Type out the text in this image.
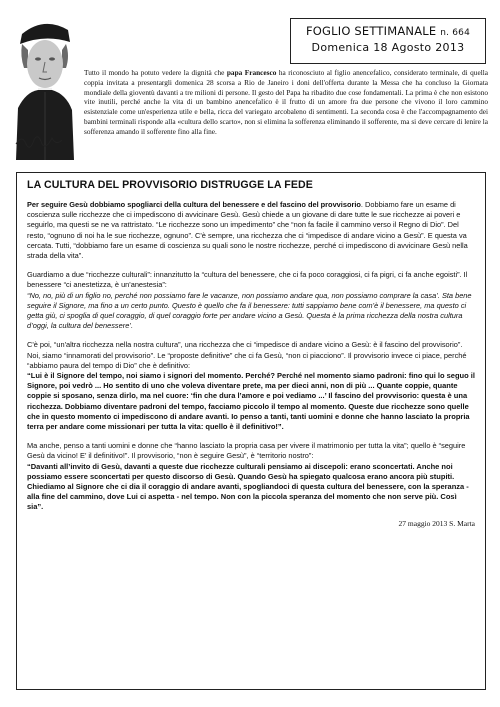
FOGLIO SETTIMANALE n. 664
Domenica 18 Agosto 2013
Tutto il mondo ha potuto vedere la dignità che papa Francesco ha riconosciuto al figlio anencefalico, considerato terminale, di quella coppia invitata a presentargli domenica 28 scorsa a Rio de Janeiro i doni dell'offerta durante la Messa che ha concluso la Giornata mondiale della gioventù davanti a tre milioni di persone. Il gesto del Papa ha ribadito due cose fondamentali. La prima è che non esistono vite inutili, perché anche la vita di un bambino anencefalico è il frutto di un amore fra due persone che vivono il loro cammino esistenziale come un'esperienza utile e bella, ricca del variegato arcobaleno di sentimenti. La seconda cosa è che l'accompagnamento dei bambini terminali risponde alla «cultura dello scarto», non si elimina la sofferenza eliminando il sofferente, ma si deve cercare di lenire la sofferenza amando il sofferente fino alla fine.
LA CULTURA DEL PROVVISORIO DISTRUGGE LA FEDE
Per seguire Gesù dobbiamo spogliarci della cultura del benessere e del fascino del provvisorio. Dobbiamo fare un esame di coscienza sulle ricchezze che ci impediscono di avvicinare Gesù. Gesù chiede a un giovane di dare tutte le sue ricchezze ai poveri e seguirlo, ma questi se ne va rattristato. “Le ricchezze sono un impedimento” che “non fa facile il cammino verso il Regno di Dio”. Del resto, “ognuno di noi ha le sue ricchezze, ognuno”. C'è sempre, una ricchezza che ci “impedisce di andare vicino a Gesù”. E questa va cercata. Tutti, “dobbiamo fare un esame di coscienza su quali sono le nostre ricchezze, perché ci impediscono di avvicinare Gesù nella strada della vita”.
Guardiamo a due “ricchezze culturali”: innanzitutto la “cultura del benessere, che ci fa poco coraggiosi, ci fa pigri, ci fa anche egoisti”. Il benessere “ci anestetizza, è un'anestesia”:
“No, no, più di un figlio no, perché non possiamo fare le vacanze, non possiamo andare qua, non possiamo comprare la casa’. Sta bene seguire il Signore, ma fino a un certo punto. Questo è quello che fa il benessere: tutti sappiamo bene com’è il benessere, ma questo ci getta giù, ci spoglia di quel coraggio, di quel coraggio forte per andare vicino a Gesù. Questa è la prima ricchezza della nostra cultura d’oggi, la cultura del benessere’.
C'è poi, “un'altra ricchezza nella nostra cultura”, una ricchezza che ci “impedisce di andare vicino a Gesù: è il fascino del provvisorio”. Noi, siamo “innamorati del provvisorio”. Le “proposte definitive” che ci fa Gesù, “non ci piacciono”. Il provvisorio invece ci piace, perché “abbiamo paura del tempo di Dio” che è definitivo:
“Lui è il Signore del tempo, noi siamo i signori del momento. Perché? Perché nel momento siamo padroni: fino qui lo seguo il Signore, poi vedrò ... Ho sentito di uno che voleva diventare prete, ma per dieci anni, non di più ... Quante coppie, quante coppie si sposano, senza dirlo, ma nel cuore: ‘fin che dura l’amore e poi vediamo ...’ Il fascino del provvisorio: questa è una ricchezza. Dobbiamo diventare padroni del tempo, facciamo piccolo il tempo al momento. Queste due ricchezze sono quelle che in questo momento ci impediscono di andare avanti. Io penso a tanti, tanti uomini e donne che hanno lasciato la propria terra per andare come missionari per tutta la vita: quello è il definitivo!”.
Ma anche, penso a tanti uomini e donne che “hanno lasciato la propria casa per vivere il matrimonio per tutta la vita”; quello è “seguire Gesù da vicino! E’ il definitivo!”. Il provvisorio, “non è seguire Gesù”, è “territorio nostro”:
“Davanti all’invito di Gesù, davanti a queste due ricchezze culturali pensiamo ai discepoli: erano sconcertati. Anche noi possiamo essere sconcertati per questo discorso di Gesù. Quando Gesù ha spiegato qualcosa erano ancora più stupiti. Chiediamo al Signore che ci dia il coraggio di andare avanti, spogliandoci di questa cultura del benessere, con la speranza - alla fine del cammino, dove Lui ci aspetta - nel tempo. Non con la piccola speranza del momento che non serve più. Così sia”.
27 maggio 2013 S. Marta
